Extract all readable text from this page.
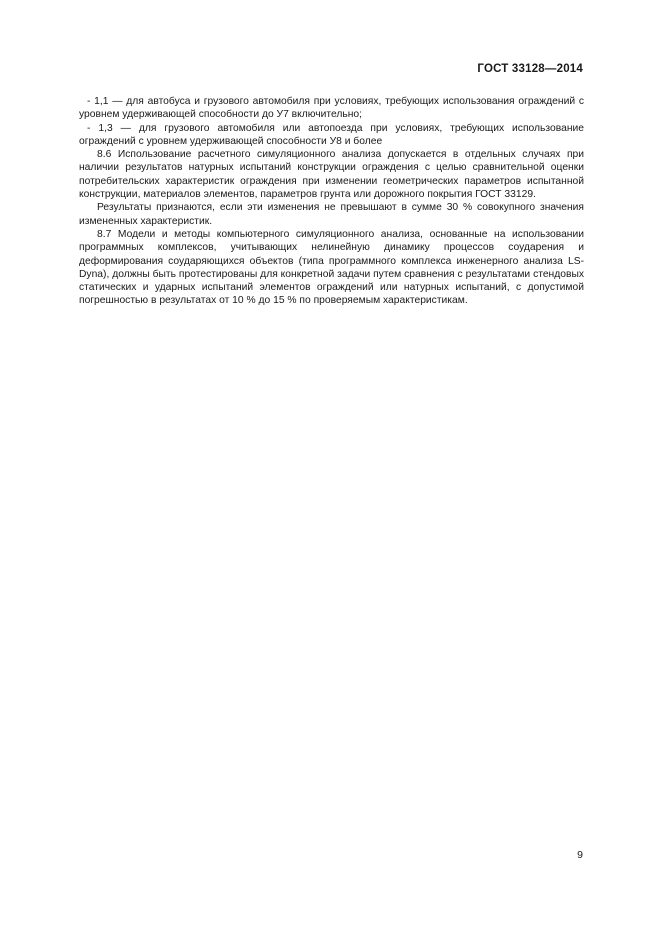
ГОСТ 33128—2014

- 1,1 — для автобуса и грузового автомобиля при условиях, требующих использования ограждений с уровнем удерживающей способности до У7 включительно;

- 1,3 — для грузового автомобиля или автопоезда при условиях, требующих использование ограждений с уровнем удерживающей способности У8 и более

8.6 Использование расчетного симуляционного анализа допускается в отдельных случаях при наличии результатов натурных испытаний конструкции ограждения с целью сравнительной оценки потребительских характеристик ограждения при изменении геометрических параметров испытанной конструкции, материалов элементов, параметров грунта или дорожного покрытия ГОСТ 33129.

Результаты признаются, если эти изменения не превышают в сумме 30 % совокупного значения измененных характеристик.

8.7 Модели и методы компьютерного симуляционного анализа, основанные на использовании программных комплексов, учитывающих нелинейную динамику процессов соударения и деформирования соударяющихся объектов (типа программного комплекса инженерного анализа LS-Dyna), должны быть протестированы для конкретной задачи путем сравнения с результатами стендовых статических и ударных испытаний элементов ограждений или натурных испытаний, с допустимой погрешностью в результатах от 10 % до 15 % по проверяемым характеристикам.

9
